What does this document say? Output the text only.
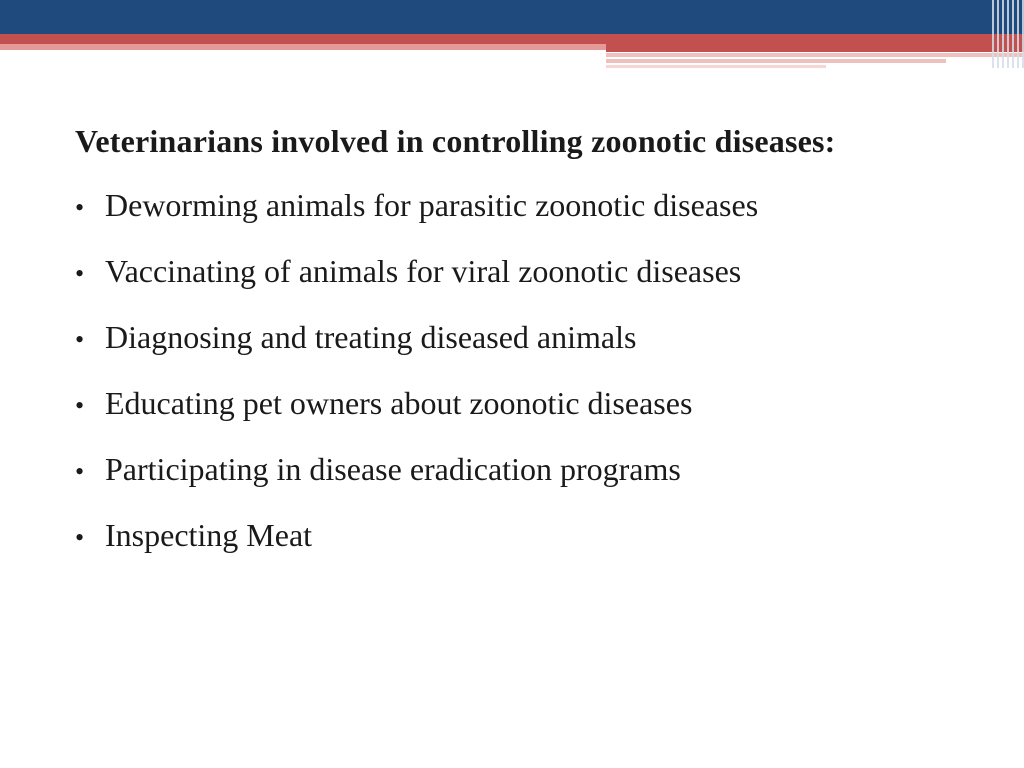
Veterinarians involved in controlling zoonotic diseases:

• Deworming animals for parasitic zoonotic diseases
• Vaccinating of animals for viral zoonotic diseases
• Diagnosing and treating diseased animals
• Educating pet owners about zoonotic diseases
• Participating in disease eradication programs
• Inspecting Meat
